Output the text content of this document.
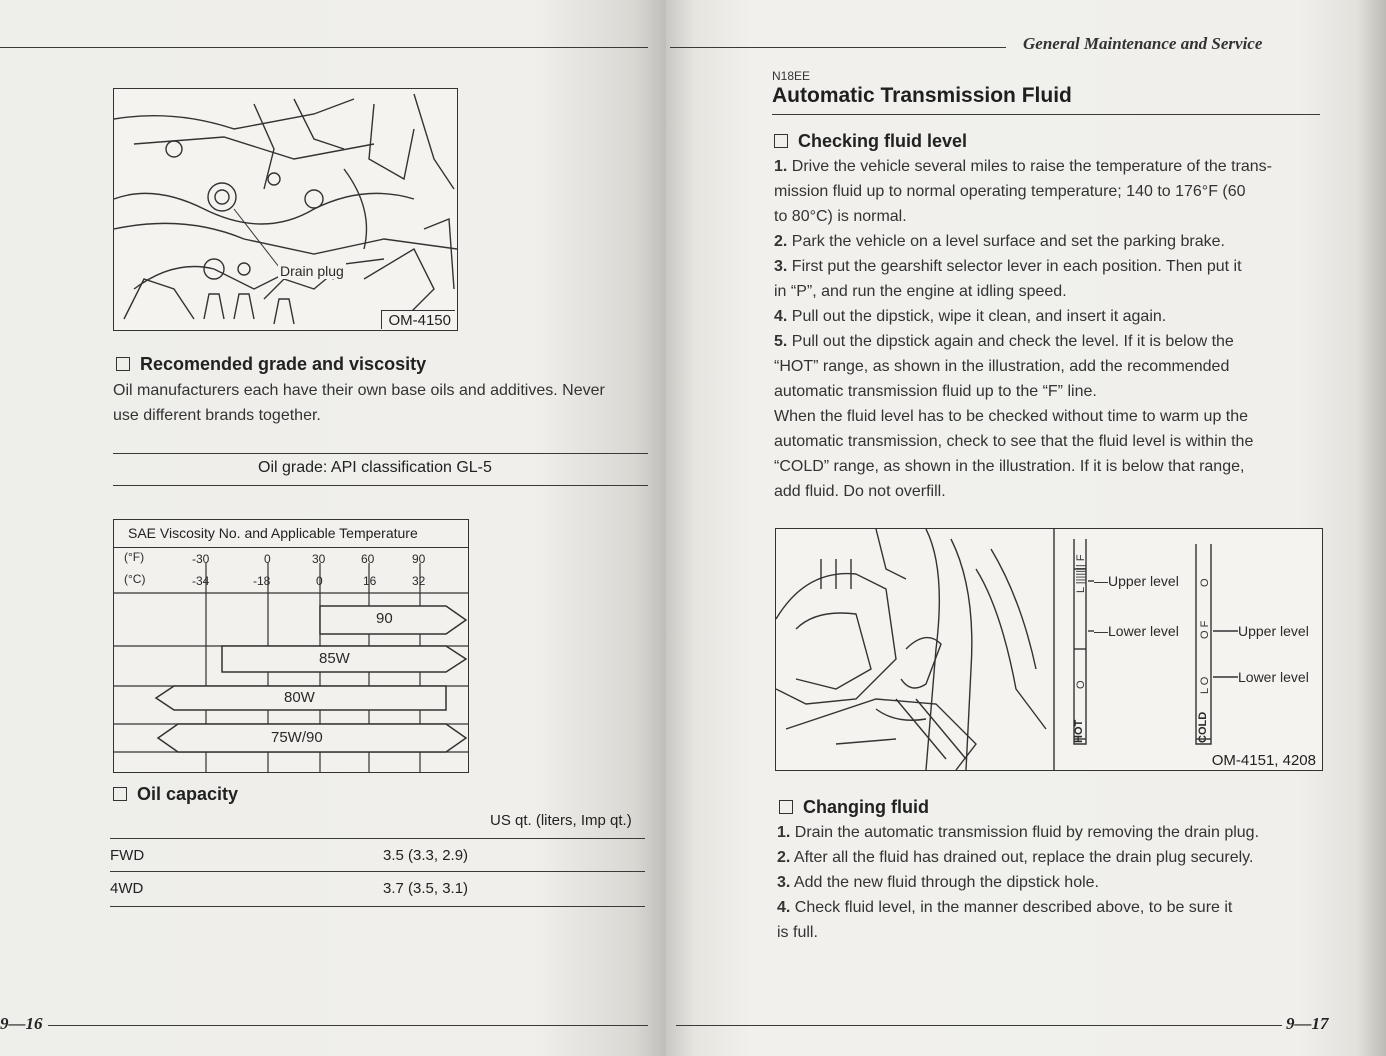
Drain plug
OM-4150
Recomended grade and viscosity
Oil manufacturers each have their own base oils and additives. Never
use different brands together.
Oil grade: API classification GL-5
SAE Viscosity No. and Applicable Temperature
(°F)
(°C)
-30	0	30	60	90
-34	-18	0	16	32
90
85W
80W
75W/90
Oil capacity
US qt. (liters, Imp qt.)
FWD	3.5 (3.3, 2.9)
4WD	3.7 (3.5, 3.1)
9—16
General Maintenance and Service
N18EE
Automatic Transmission Fluid
Checking fluid level
1. Drive the vehicle several miles to raise the temperature of the trans-
mission fluid up to normal operating temperature; 140 to 176°F (60
to 80°C) is normal.
2. Park the vehicle on a level surface and set the parking brake.
3. First put the gearshift selector lever in each position. Then put it
in “P”, and run the engine at idling speed.
4. Pull out the dipstick, wipe it clean, and insert it again.
5. Pull out the dipstick again and check the level. If it is below the
“HOT” range, as shown in the illustration, add the recommended
automatic transmission fluid up to the “F” line.
When the fluid level has to be checked without time to warm up the
automatic transmission, check to see that the fluid level is within the
“COLD” range, as shown in the illustration. If it is below that range,
add fluid. Do not overfill.
L ||||||| F
O
O
O F
L O
HOT	COLD
—Upper level
—Lower level	Upper level
Lower level
OM-4151, 4208
Changing fluid
1. Drain the automatic transmission fluid by removing the drain plug.
2. After all the fluid has drained out, replace the drain plug securely.
3. Add the new fluid through the dipstick hole.
4. Check fluid level, in the manner described above, to be sure it
is full.
9—17
